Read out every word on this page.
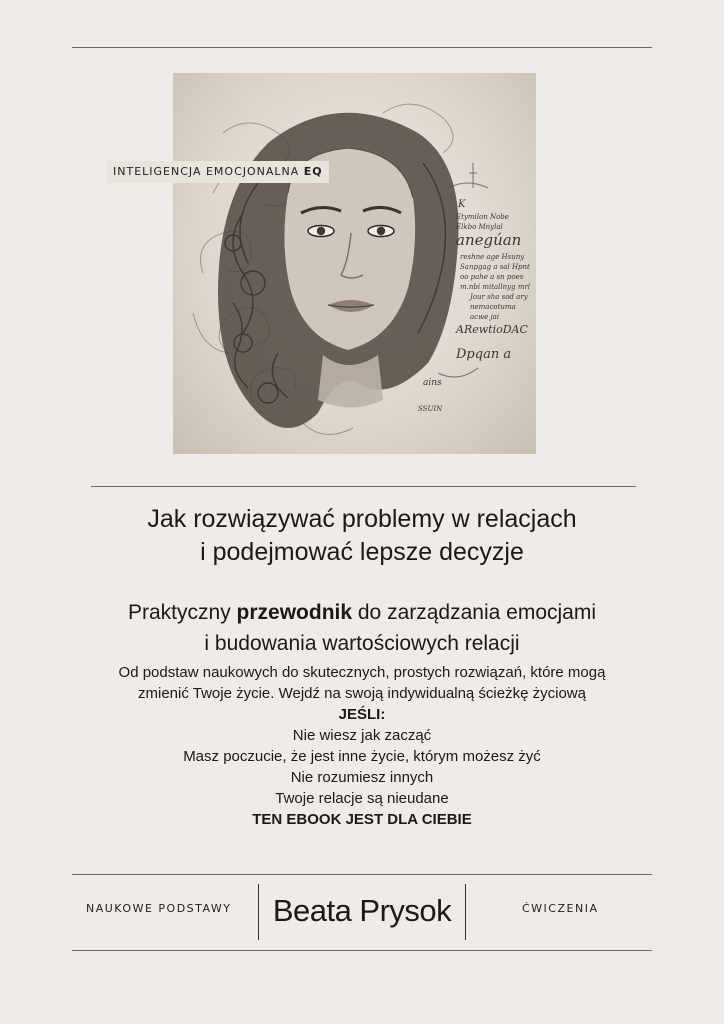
K
Etymilon Nobe
Elkbo Mnylal
anegúan
reshne age Hsuny
Sanpgag a sal Hpnt
oo pahe a sn poes
m.nbi mitallnyg mrl
Jour sha sod ary
nemacotuma
acwe jai
ARewtioDAC
Dpqan a
ains
SSUIN
INTELIGENCJA EMOCJONALNA EQ
Jak rozwiązywać problemy w relacjach
i podejmować lepsze decyzje
Praktyczny przewodnik do zarządzania emocjami
i budowania wartościowych relacji
Od podstaw naukowych do skutecznych, prostych rozwiązań, które mogą
zmienić Twoje życie. Wejdź na swoją indywidualną ścieżkę życiową
JEŚLI:
Nie wiesz jak zacząć
Masz poczucie, że jest inne życie, którym możesz żyć
Nie rozumiesz innych
Twoje relacje są nieudane
TEN EBOOK JEST DLA CIEBIE
NAUKOWE PODSTAWY	Beata Prysok	ĆWICZENIA
